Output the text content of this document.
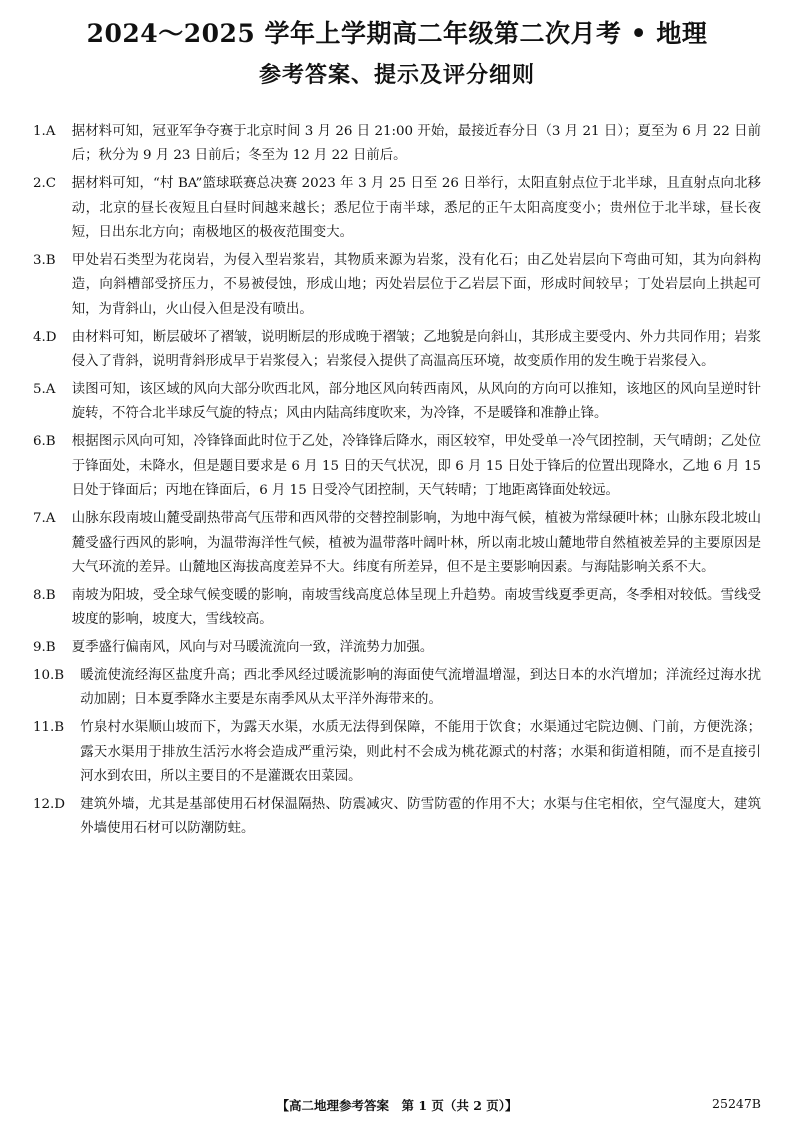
2024～2025 学年上学期高二年级第二次月考 • 地理
参考答案、提示及评分细则
1. A	据材料可知，冠亚军争夺赛于北京时间 3 月 26 日 21:00 开始，最接近春分日（3 月 21 日）；夏至为 6 月 22 日前后；秋分为 9 月 23 日前后；冬至为 12 月 22 日前后。
2. C	据材料可知，“村 BA”篮球联赛总决赛 2023 年 3 月 25 日至 26 日举行，太阳直射点位于北半球，且直射点向北移动，北京的昼长夜短且白昼时间越来越长；悉尼位于南半球，悉尼的正午太阳高度变小；贵州位于北半球，昼长夜短，日出东北方向；南极地区的极夜范围变大。
3. B	甲处岩石类型为花岗岩，为侵入型岩浆岩，其物质来源为岩浆，没有化石；由乙处岩层向下弯曲可知，其为向斜构造，向斜槽部受挤压力，不易被侵蚀，形成山地；丙处岩层位于乙岩层下面，形成时间较早；丁处岩层向上拱起可知，为背斜山，火山侵入但是没有喷出。
4. D	由材料可知，断层破坏了褶皱，说明断层的形成晚于褶皱；乙地貌是向斜山，其形成主要受内、外力共同作用；岩浆侵入了背斜，说明背斜形成早于岩浆侵入；岩浆侵入提供了高温高压环境，故变质作用的发生晚于岩浆侵入。
5. A	读图可知，该区域的风向大部分吹西北风，部分地区风向转西南风，从风向的方向可以推知，该地区的风向呈逆时针旋转，不符合北半球反气旋的特点；风由内陆高纬度吹来，为冷锋，不是暖锋和准静止锋。
6. B	根据图示风向可知，冷锋锋面此时位于乙处，冷锋锋后降水，雨区较窄，甲处受单一冷气团控制，天气晴朗；乙处位于锋面处，未降水，但是题目要求是 6 月 15 日的天气状况，即 6 月 15 日处于锋后的位置出现降水，乙地 6 月 15 日处于锋面后；丙地在锋面后，6 月 15 日受冷气团控制，天气转晴；丁地距离锋面处较远。
7. A	山脉东段南坡山麓受副热带高气压带和西风带的交替控制影响，为地中海气候，植被为常绿硬叶林；山脉东段北坡山麓受盛行西风的影响，为温带海洋性气候，植被为温带落叶阔叶林，所以南北坡山麓地带自然植被差异的主要原因是大气环流的差异。山麓地区海拔高度差异不大。纬度有所差异，但不是主要影响因素。与海陆影响关系不大。
8. B	南坡为阳坡，受全球气候变暖的影响，南坡雪线高度总体呈现上升趋势。南坡雪线夏季更高，冬季相对较低。雪线受坡度的影响，坡度大，雪线较高。
9. B	夏季盛行偏南风，风向与对马暖流流向一致，洋流势力加强。
10. B	暖流使流经海区盐度升高；西北季风经过暖流影响的海面使气流增温增湿，到达日本的水汽增加；洋流经过海水扰动加剧；日本夏季降水主要是东南季风从太平洋外海带来的。
11. B	竹泉村水渠顺山坡而下，为露天水渠，水质无法得到保障，不能用于饮食；水渠通过宅院边侧、门前，方便洗涤；露天水渠用于排放生活污水将会造成严重污染，则此村不会成为桃花源式的村落；水渠和街道相随，而不是直接引河水到农田，所以主要目的不是灌溉农田菜园。
12. D	建筑外墙，尤其是基部使用石材保温隔热、防震减灾、防雪防雹的作用不大；水渠与住宅相依，空气湿度大，建筑外墙使用石材可以防潮防蛀。
【高二地理参考答案　第 1 页（共 2 页）】	25247B
